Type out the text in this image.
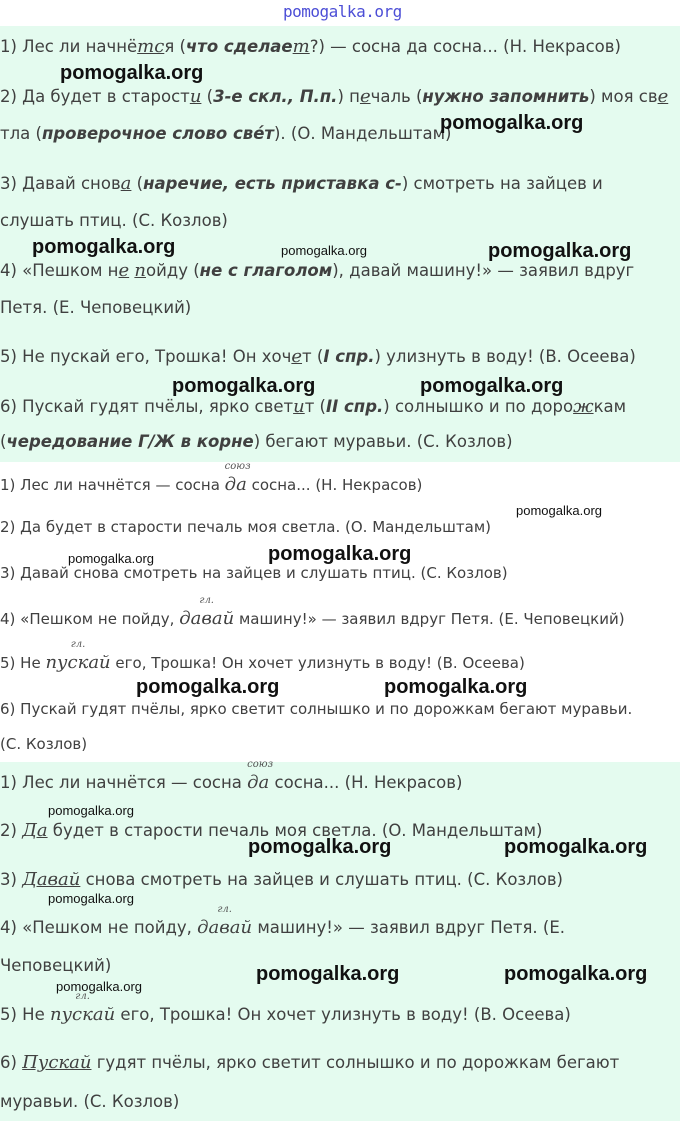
pomogalka.org
1) Лес ли начнётся (что сделает?) — сосна да сосна... (Н. Некрасов)
2) Да будет в старости (3-е скл., П.п.) печаль (нужно запомнить) моя све
тла (проверочное слово свéт). (О. Мандельштам)
3) Давай снова (наречие, есть приставка с-) смотреть на зайцев и
слушать птиц. (С. Козлов)
4) «Пешком не пойду (не с глаголом), давай машину!» — заявил вдруг
Петя. (Е. Чеповецкий)
5) Не пускай его, Трошка! Он хочет (I спр.) улизнуть в воду! (В. Осеева)
6) Пускай гудят пчёлы, ярко светит (II спр.) солнышко и по дорожкам
(чередование Г/Ж в корне) бегают муравьи. (С. Козлов)
1) Лес ли начнётся — сосна
союз
да сосна... (Н. Некрасов)
2) Да будет в старости печаль моя светла. (О. Мандельштам)
3) Давай снова смотреть на зайцев и слушать птиц. (С. Козлов)
4) «Пешком не пойду,
гл.
давай машину!» — заявил вдруг Петя. (Е. Чеповецкий)
5) Не
гл.
пускай его, Трошка! Он хочет улизнуть в воду! (В. Осеева)
6) Пускай гудят пчёлы, ярко светит солнышко и по дорожкам бегают муравьи.
(С. Козлов)
1) Лес ли начнётся — сосна
союз
да сосна... (Н. Некрасов)
2) Да будет в старости печаль моя светла. (О. Мандельштам)
3) Давай снова смотреть на зайцев и слушать птиц. (С. Козлов)
4) «Пешком не пойду,
гл.
давай машину!» — заявил вдруг Петя. (Е.
Чеповецкий)
5) Не
гл.
пускай его, Трошка! Он хочет улизнуть в воду! (В. Осеева)
6) Пускай гудят пчёлы, ярко светит солнышко и по дорожкам бегают
муравьи. (С. Козлов)
pomogalka.org
pomogalka.org
pomogalka.org	pomogalka.org	pomogalka.org
pomogalka.org	pomogalka.org
pomogalka.org
pomogalka.org	pomogalka.org
pomogalka.org	pomogalka.org
pomogalka.org
pomogalka.org	pomogalka.org
pomogalka.org
pomogalka.org	pomogalka.org
pomogalka.org
